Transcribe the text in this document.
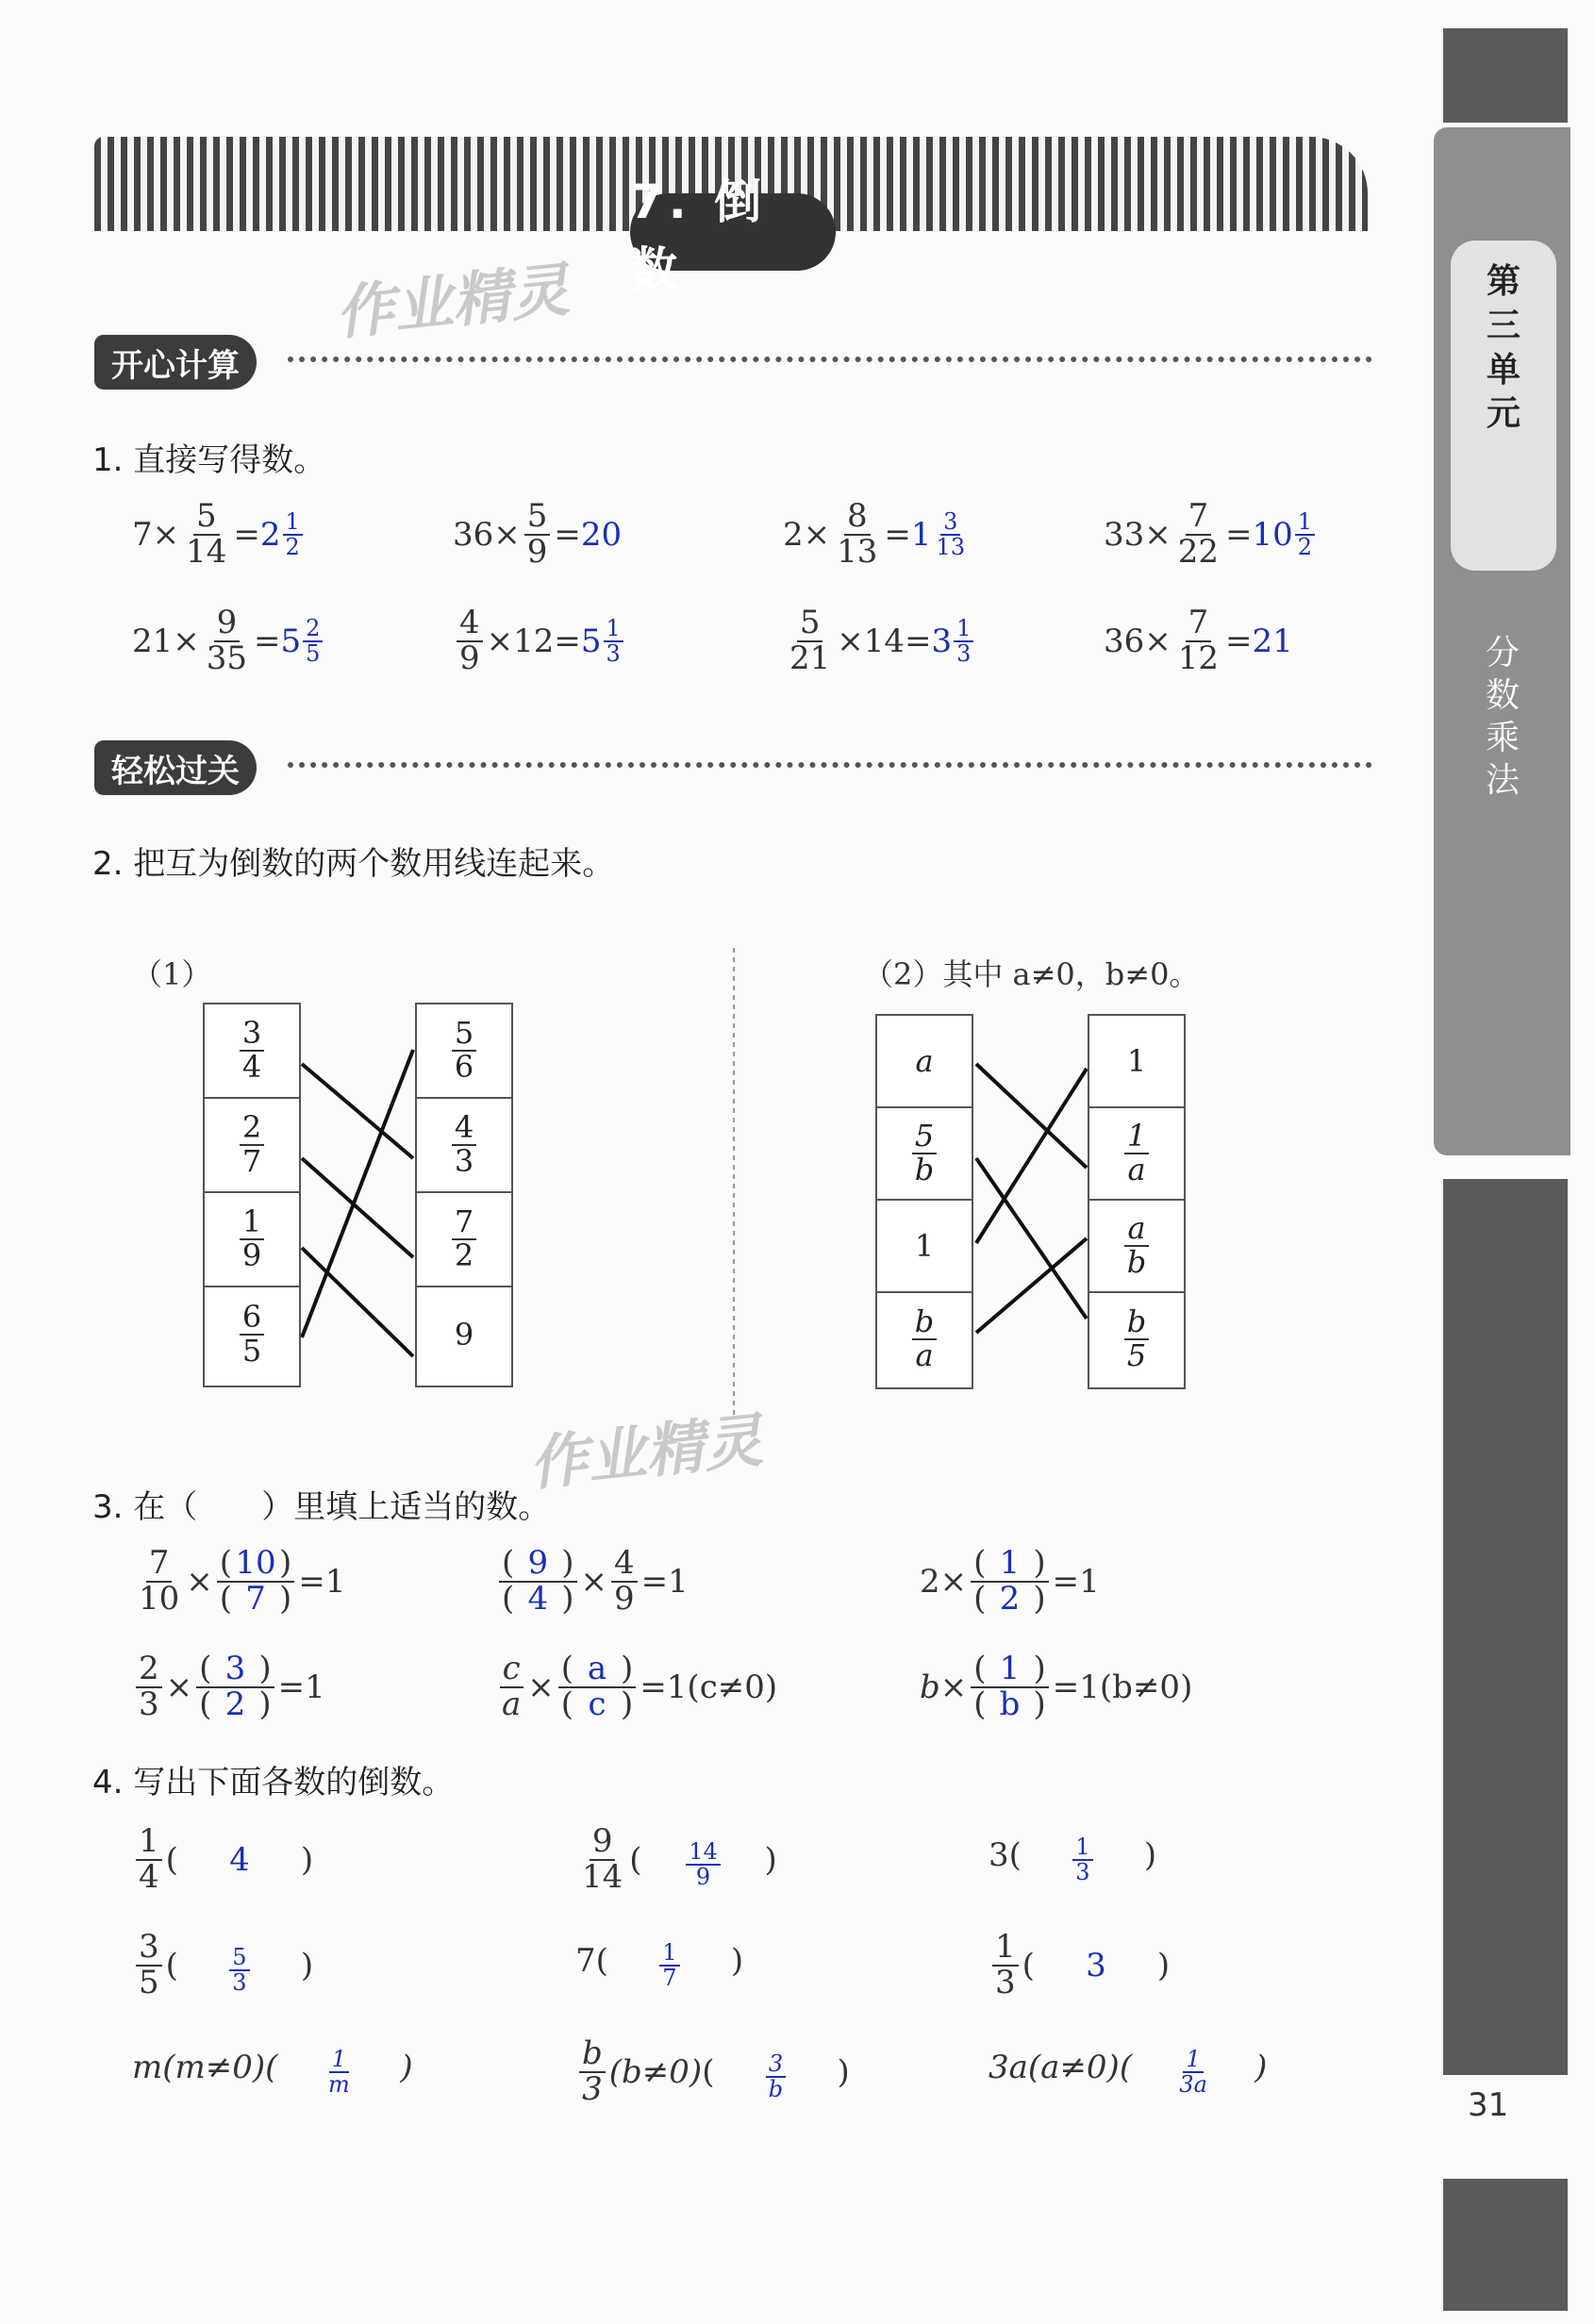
7. 倒 数
作业精灵
开心计算
1. 直接写得数。
$7 \times \frac{5}{14} = 2 \frac{1}{2}$	$36 \times \frac{5}{9} = 20$	$2 \times \frac{8}{13} = 1 \frac{3}{13}$	$33 \times \frac{7}{22} = 10 \frac{1}{2}$
$21 \times \frac{9}{35} = 5 \frac{2}{5}$	$\frac{4}{9} \times 12 = 5 \frac{1}{3}$	$\frac{5}{21} \times 14 = 3 \frac{1}{3}$	$36 \times \frac{7}{12} = 21$
轻松过关
2. 把互为倒数的两个数用线连起来。
（1）
$\frac{3}{4}$
$\frac{2}{7}$
$\frac{1}{9}$
$\frac{6}{5}$
$\frac{5}{6}$
$\frac{4}{3}$
$\frac{7}{2}$
9
（2）其中 a≠0，b≠0。
a
$\frac{5}{b}$
1
$\frac{b}{a}$
1
$\frac{1}{a}$
$\frac{a}{b}$
$\frac{b}{5}$
作业精灵
3. 在（　　）里填上适当的数。
$\frac{7}{10} \times \frac{(10)}{( 7 )} =1$	$\frac{( 9 )}{( 4 )} \times \frac{4}{9} =1$	$2 \times \frac{( 1 )}{( 2 )} =1$
$\frac{2}{3} \times \frac{( 3 )}{( 2 )} =1$	$\frac{c}{a} \times \frac{( a )}{( c )} =1(c\ne 0)$	$b \times \frac{( 1 )}{( b )} =1(b\ne 0)$
4. 写出下面各数的倒数。
$\frac{1}{4}$ (	4	)	$\frac{9}{14}$ ( $\frac{14}{9}$ )	3 ( $\frac{1}{3}$ )
$\frac{3}{5}$ ( $\frac{5}{3}$ )	7 ( $\frac{1}{7}$ )	$\frac{1}{3}$ (	3	)
m(m≠0) ( $\frac{1}{m}$ )	$\frac{b}{3} (b\ne 0)$ ( $\frac{3}{b}$ )	3a(a≠0) ( $\frac{1}{3a}$ )
第
三
单
元
分
数
乘
法
31
